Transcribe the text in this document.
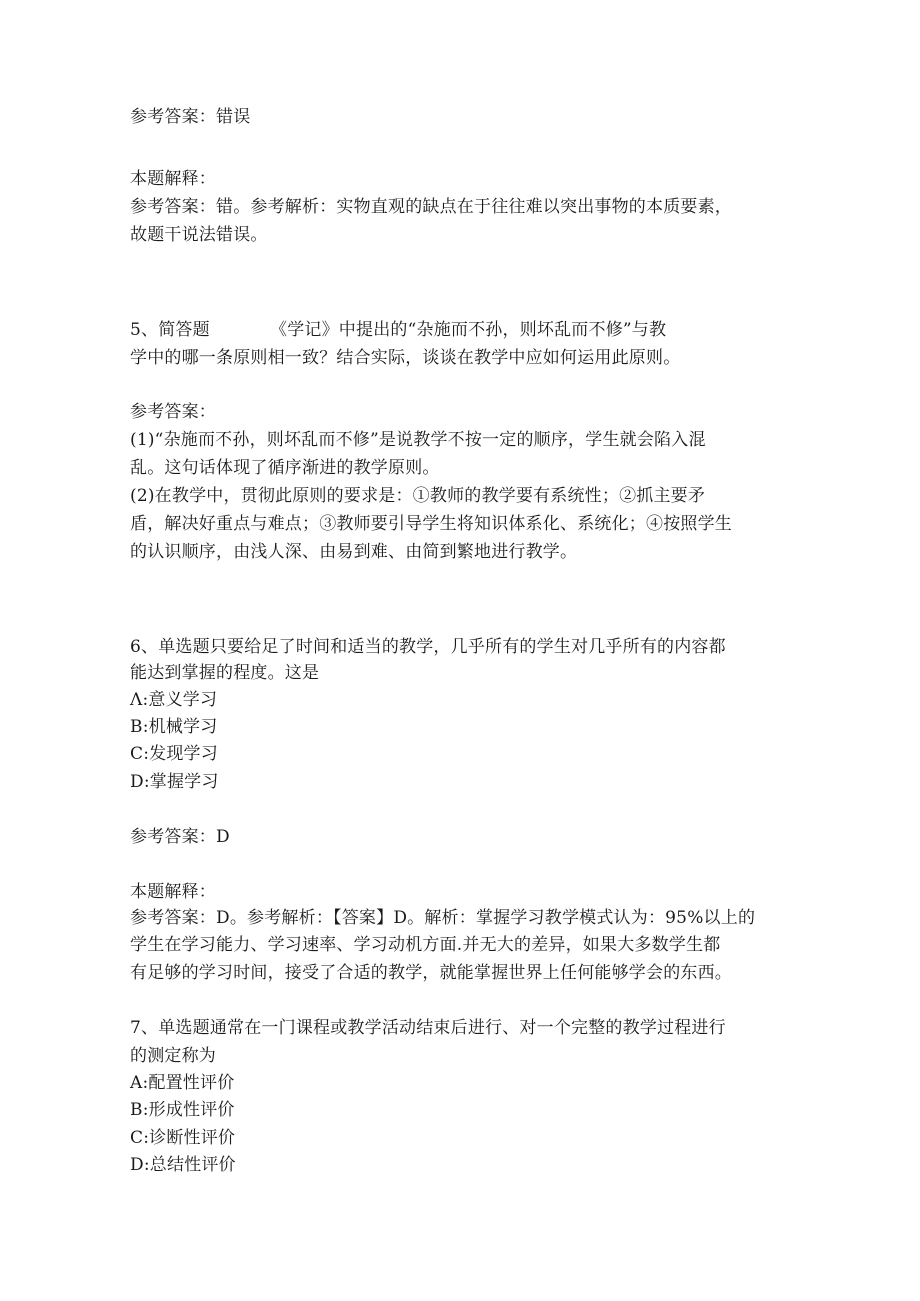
参考答案：错误
本题解释：
参考答案：错。参考解析：实物直观的缺点在于往往难以突出事物的本质要素，
故题干说法错误。
5、简答题	《学记》中提出的“杂施而不孙，则坏乱而不修”与教
学中的哪一条原则相一致？结合实际，谈谈在教学中应如何运用此原则。
参考答案：
(1)“杂施而不孙，则坏乱而不修”是说教学不按一定的顺序，学生就会陷入混
乱。这句话体现了循序渐进的教学原则。
(2)在教学中，贯彻此原则的要求是：①教师的教学要有系统性；②抓主要矛
盾，解决好重点与难点；③教师要引导学生将知识体系化、系统化；④按照学生
的认识顺序，由浅人深、由易到难、由简到繁地进行教学。
6、单选题只要给足了时间和适当的教学，几乎所有的学生对几乎所有的内容都
能达到掌握的程度。这是
Λ:意义学习
B:机械学习
C:发现学习
D:掌握学习
参考答案：D
本题解释：
参考答案：D。参考解析：【答案】D。解析：掌握学习教学模式认为：95%以上的
学生在学习能力、学习速率、学习动机方面.并无大的差异，如果大多数学生都
有足够的学习时间，接受了合适的教学，就能掌握世界上任何能够学会的东西。
7、单选题通常在一门课程或教学活动结束后进行、对一个完整的教学过程进行
的测定称为
A:配置性评价
B:形成性评价
C:诊断性评价
D:总结性评价
